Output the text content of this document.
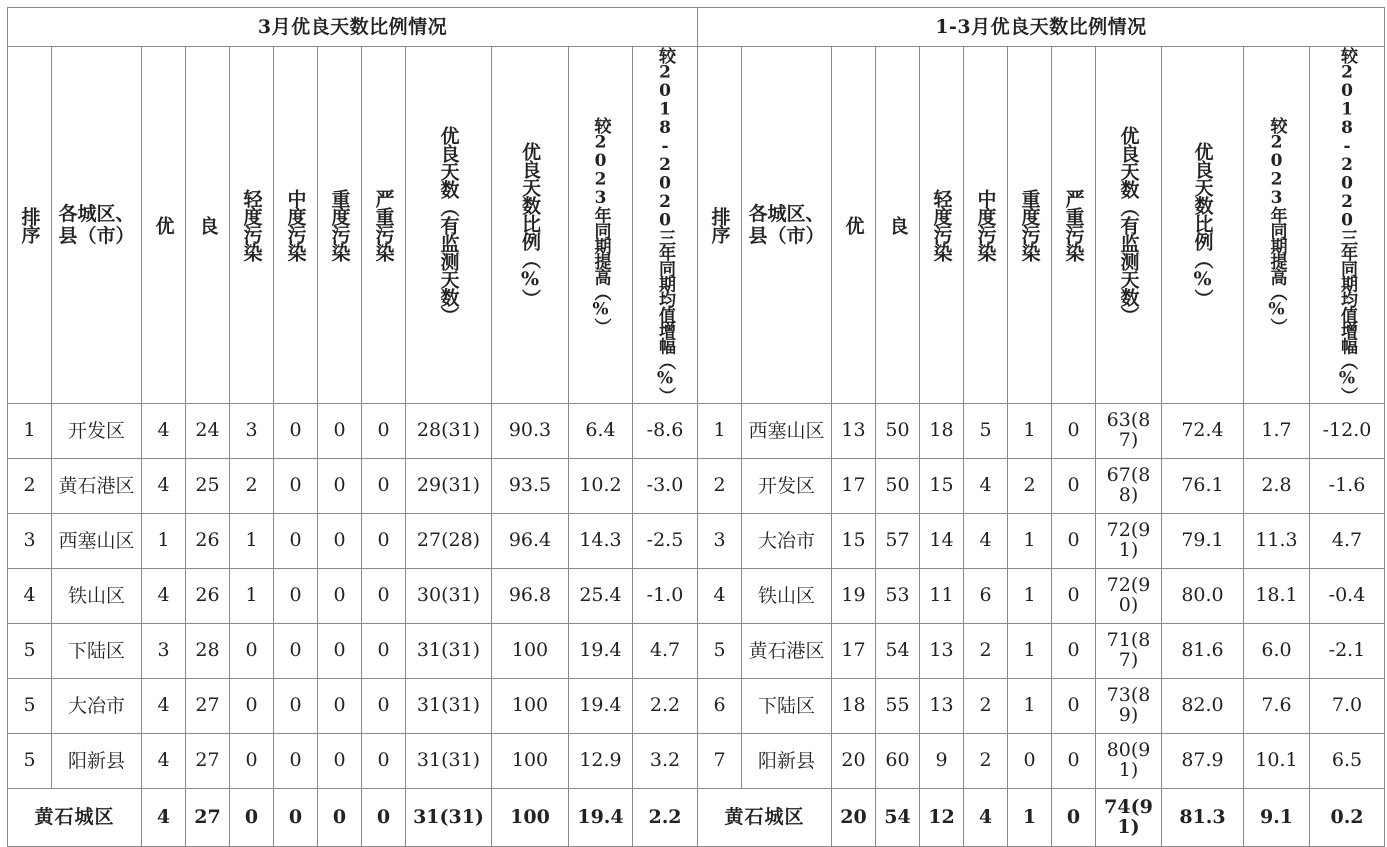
3月优良天数比例情况												1-3月优良天数比例情况											
排序	各城区、县（市）	优	良	轻度污染	中度污染	重度污染	严重污染	优良天数（有监测天数）	优良天数比例（%）	较2023年同期提高（%）	较2018-2020三年同期均值增幅（%）	排序	各城区、县（市）	优	良	轻度污染	中度污染	重度污染	严重污染	优良天数（有监测天数）	优良天数比例（%）	较2023年同期提高（%）	较2018-2020三年同期均值增幅（%）
1	开发区	4	24	3	0	0	0	28(31)	90.3	6.4	-8.6	1	西塞山区	13	50	18	5	1	0	63(87)	72.4	1.7	-12.0
2	黄石港区	4	25	2	0	0	0	29(31)	93.5	10.2	-3.0	2	开发区	17	50	15	4	2	0	67(88)	76.1	2.8	-1.6
3	西塞山区	1	26	1	0	0	0	27(28)	96.4	14.3	-2.5	3	大冶市	15	57	14	4	1	0	72(91)	79.1	11.3	4.7
4	铁山区	4	26	1	0	0	0	30(31)	96.8	25.4	-1.0	4	铁山区	19	53	11	6	1	0	72(90)	80.0	18.1	-0.4
5	下陆区	3	28	0	0	0	0	31(31)	100	19.4	4.7	5	黄石港区	17	54	13	2	1	0	71(87)	81.6	6.0	-2.1
5	大冶市	4	27	0	0	0	0	31(31)	100	19.4	2.2	6	下陆区	18	55	13	2	1	0	73(89)	82.0	7.6	7.0
5	阳新县	4	27	0	0	0	0	31(31)	100	12.9	3.2	7	阳新县	20	60	9	2	0	0	80(91)	87.9	10.1	6.5
黄石城区		4	27	0	0	0	0	31(31)	100	19.4	2.2	黄石城区		20	54	12	4	1	0	74(91)	81.3	9.1	0.2
